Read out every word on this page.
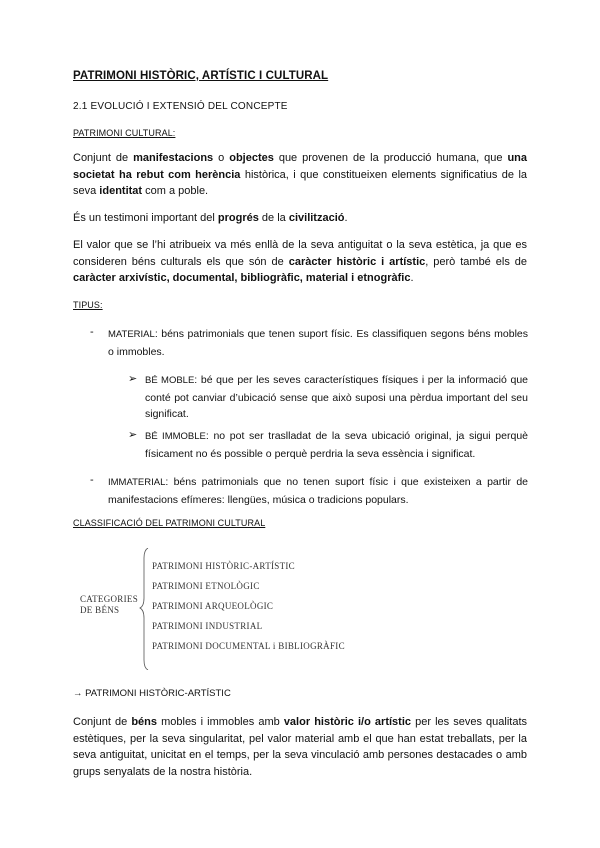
PATRIMONI HISTÒRIC, ARTÍSTIC I CULTURAL
2.1 EVOLUCIÓ I EXTENSIÓ DEL CONCEPTE
PATRIMONI CULTURAL:
Conjunt de manifestacions o objectes que provenen de la producció humana, que una societat ha rebut com herència històrica, i que constitueixen elements significatius de la seva identitat com a poble.
És un testimoni important del progrés de la civilització.
El valor que se l’hi atribueix va més enllà de la seva antiguitat o la seva estètica, ja que es consideren béns culturals els que són de caràcter històric i artístic, però també els de caràcter arxivístic, documental, bibliogràfic, material i etnogràfic.
TIPUS:
- MATERIAL: béns patrimonials que tenen suport físic. Es classifiquen segons béns mobles o immobles.
➢ BÉ MOBLE: bé que per les seves característiques físiques i per la informació que conté pot canviar d’ubicació sense que això suposi una pèrdua important del seu significat.
➢ BÉ IMMOBLE: no pot ser traslladat de la seva ubicació original, ja sigui perquè físicament no és possible o perquè perdria la seva essència i significat.
- IMMATERIAL: béns patrimonials que no tenen suport físic i que existeixen a partir de manifestacions efímeres: llengües, música o tradicions populars.
CLASSIFICACIÓ DEL PATRIMONI CULTURAL
CATEGORIES
DE BÉNS
PATRIMONI HISTÒRIC-ARTÍSTIC
PATRIMONI ETNOLÒGIC
PATRIMONI ARQUEOLÒGIC
PATRIMONI INDUSTRIAL
PATRIMONI DOCUMENTAL i BIBLIOGRÀFIC
→ PATRIMONI HISTÒRIC-ARTÍSTIC
Conjunt de béns mobles i immobles amb valor històric i/o artístic per les seves qualitats estètiques, per la seva singularitat, pel valor material amb el que han estat treballats, per la seva antiguitat, unicitat en el temps, per la seva vinculació amb persones destacades o amb grups senyalats de la nostra història.
